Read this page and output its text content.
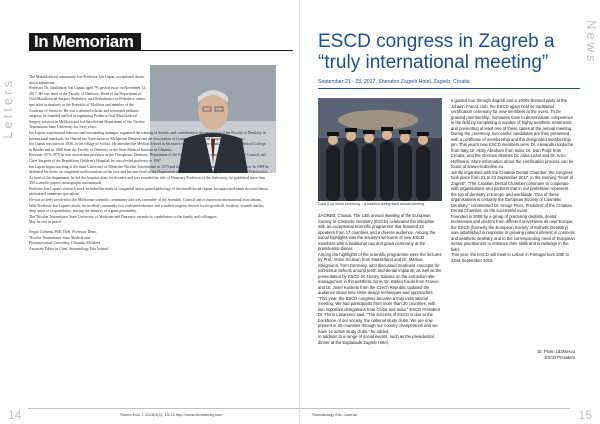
Letters
In Memoriam

The Maksillofacial community lost Professor Ion Lupan, exceptional doctor and academician.

Professor Dr. habilitation Ion Lupan, aged 79, passed away on November 12, 2017. He was head of the Faculty of Dentistry, Head of the Department of Oral-Maxillofacial Surgery Pediatrics, and Orthodontics in Pediatrics, senior specialist in dentistry in the Republic of Moldova and member of the Academy of Sciences. He was a talented scholar and renowned pediatric surgeon; he founded and led in organizing Pediatric Oral-Maxillofacial Surgery services in Moldova and led the relevant Department of the Nicolae Testemițanu State University for forty years.

Ion Lupan, experienced educator and outstanding manager, organized the training of dentists and contributed to the promotion of the Faculty of Dentistry in international standards; he chaired the Association of Moldavian Dentists and the Association of Cranio-Maxillo-Facial Surgeons in Moldova.

Ion Lupan was born on 1938, in the village of Sofiaci. He attended the Medical School in his native village, in 1961 he graduated from the Medical College in Bender and in 1969 from the Faculty of Dentistry of the State Medical Institute in Chișinău.

Between 1973-1979 he was an assistant professor at the Therapeutic Dentistry, Department of the Faculty of Dentistry, a member of the Dental Council and Chief Surgeon of the Republican Children's Hospital; he was elected professor in 1997.

Ion Lupan began teaching at the State University of Medicine 'Nicolae Testemițanu' in 1973 and for years he was dedicated to the care of children. In 1989 he defended his thesis on congenital malformations of the face and became head of the Department of Oral-Maxillofacial Surgery at Pediatrics and Pedodontics.

As head of the department, he led the hospital clinic for decades and was awarded the title of Honorary Professor of the University; he published more than 350 scientific papers, monographs and manuals.

Professor Ion Lupan's research work included the study of congenital and acquired pathology of the maxillofacial region; he supervised many doctoral theses and trained numerous specialists.

He was actively involved in the Moldavian scientific community and was a member of the Scientific Council and of numerous international associations.

With Professor Ion Lupan's death, the medical community lost a talented educator and a skilled surgeon, known for his goodwill, modesty, warmth and his deep sense of responsibility, leaving the memory of a great personality.

The 'Nicolae Testemițanu' State University of Medicine and Pharmacy extends its condolences to the family and colleagues.

May he rest in peace!

Sergiu Ciobanu, PhD, DrSt, Professor Dean,

'Nicolae Testemițanu' State Medical and

Pharmaceutical University, Chișinău, Moldova

Associate Editor in Chief, Stomatology Edu Journal

14	Stoma Edu J. 2018;5(1): 13-14 http://www.stomaeduj.com
News
ESCD congress in Zagreb a “truly international meeting”
September 21 - 23, 2017, Sheraton Zagreb Hotel, Zagreb, Croatia
Cups & lip mirror ceremony – a tradition during each annual meeting

ZAGREB, Croatia: The 14th annual meeting of the European Society of Cosmetic Dentistry (ESCD) celebrated the discipline with an exceptional scientific programme that featured 22 speakers from 17 countries and a diverse audience. Among the social highlights was the society's welcome of new ESCD members with a traditional cap and gown ceremony at the presidential dinner.

Among the highlights of the scientific programme were the lectures by Prof. Anton Sculean from Switzerland and Dr. Markus Steigmann, from Germany, who discussed treatment concepts for soft-tissue defects around teeth and dental implants, as well as the presentation by ESCD Dr. Honey Salama on the extraction-site management in the aesthetic zone. Dr. Stefen Koubi from France and Dr. Josef Kunkela from the Czech Republic updated the audience about new smile design techniques and approaches.

“This year, the ESCD congress became a truly international meeting. We had participants from more than 30 countries, with two important delegations from China and India,” ESCD President Dr. Florin Lazarescu said. “The success of ESCD is due to the backbone of our society, the national study clubs. We are now present in 20 countries through our country chairpersons and we have 12 active study clubs,” he added.

In addition to a range of social events, such as the presidential dinner at the Esplanade Zagreb Hotel,

a guided tour through Zagreb and a 1920s-themed party at the Johann Franck club, the ESCD again held its traditional certification ceremony for new members at the event. To be granted membership, nominees have to demonstrate competence in the field by completing a number of highly aesthetic treatments and presenting at least one of these cases at the annual meeting. During the ceremony, successful candidates are then presented with a certificate of membership and the designated membership pin. This year's new ESCD members were Dr. Alexandru Iordache from Italy, Dr. Abby Abraham from India, Dr. Ivan Puljić from Croatia, and the German dentists Dr. Alina Lazar and Dr. Arno Hoffmann. More information about the certification process can be found at www.escdonline.eu.

Jointly organised with the Croatian Dental Chamber, the congress took place from 21 to 23 September 2017, in the evening “heart of Zagreb”. “The Croatian Dental Chamber continues to cooperate with organisations and partners that in our profession represent the top of dentistry in Europe and worldwide. One of these organisations is certainly the European Society of Cosmetic Dentistry,” commented Dr. Hrvoje Pezo, President of the Croatian Dental Chamber, on the successful event.

Founded in 2009 by a group of practising dentists, dental technicians and doctors from different universities all over Europe, the ESCD (formerly the European Society of Esthetic Dentistry) was established in response to growing patient interest in cosmetic and aesthetic dentistry and to the corresponding need of European dental practitioners to enhance their skills and knowledge in the field.

This year, the ESCD will meet in Lisbon in Portugal from 20th to 22nd September 2018.

Dr. Florin Lăzărescu
ESCD President
Stomatology Edu Journal	15
